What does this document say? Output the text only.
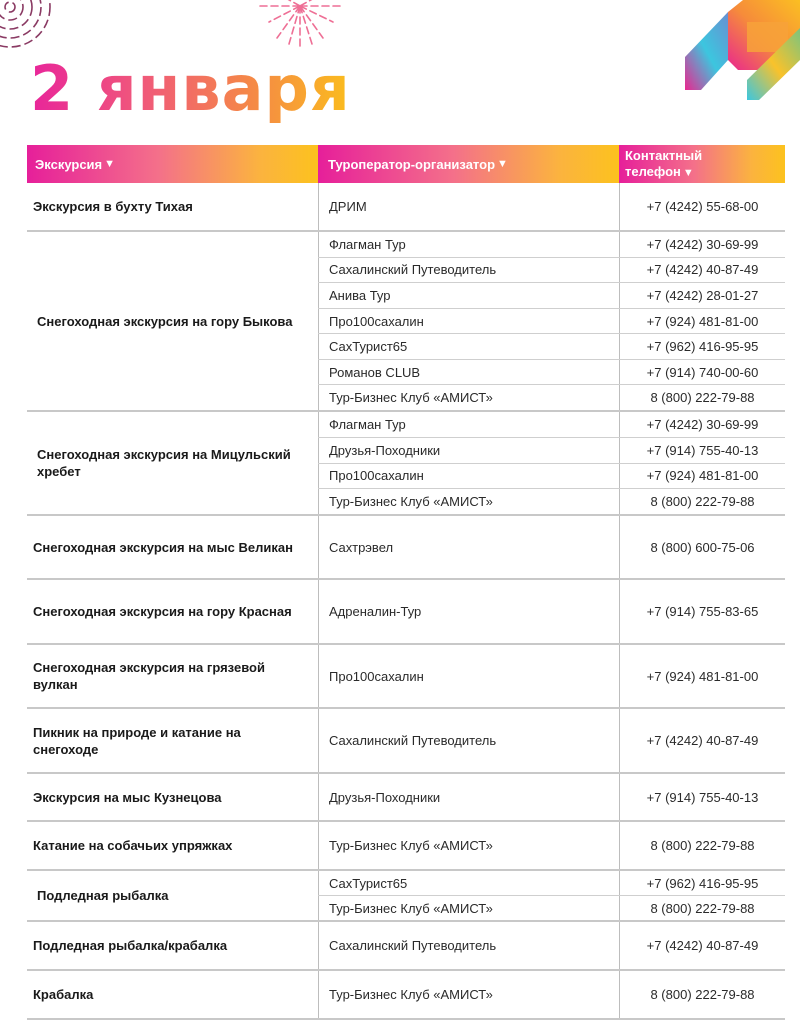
2 января
Экскурсия ▼	Туроператор-организатор ▼
Контактный
телефон ▼
Экскурсия в бухту Тихая	ДРИМ	+7 (4242) 55-68-00
Снегоходная экскурсия на гору Быкова
Флагман Тур	+7 (4242) 30-69-99
Сахалинский Путеводитель	+7 (4242) 40-87-49
Анива Тур	+7 (4242) 28-01-27
Про100сахалин	+7 (924) 481-81-00
СахТурист65	+7 (962) 416-95-95
Романов CLUB	+7 (914) 740-00-60
Тур-Бизнес Клуб «АМИСТ»	8 (800) 222-79-88
Снегоходная экскурсия на Мицульский хребет
Флагман Тур	+7 (4242) 30-69-99
Друзья-Походники	+7 (914) 755-40-13
Про100сахалин	+7 (924) 481-81-00
Тур-Бизнес Клуб «АМИСТ»	8 (800) 222-79-88
Снегоходная экскурсия на мыс Великан	Сахтрэвел	8 (800) 600-75-06
Снегоходная экскурсия на гору Красная	Адреналин-Тур	+7 (914) 755-83-65
Снегоходная экскурсия на грязевой вулкан
Про100сахалин	+7 (924) 481-81-00
Пикник на природе и катание на снегоходе
Сахалинский Путеводитель	+7 (4242) 40-87-49
Экскурсия на мыс Кузнецова	Друзья-Походники	+7 (914) 755-40-13
Катание на собачьих упряжках	Тур-Бизнес Клуб «АМИСТ»	8 (800) 222-79-88
Подледная рыбалка
СахТурист65	+7 (962) 416-95-95
Тур-Бизнес Клуб «АМИСТ»	8 (800) 222-79-88
Подледная рыбалка/крабалка	Сахалинский Путеводитель	+7 (4242) 40-87-49
Крабалка	Тур-Бизнес Клуб «АМИСТ»	8 (800) 222-79-88
